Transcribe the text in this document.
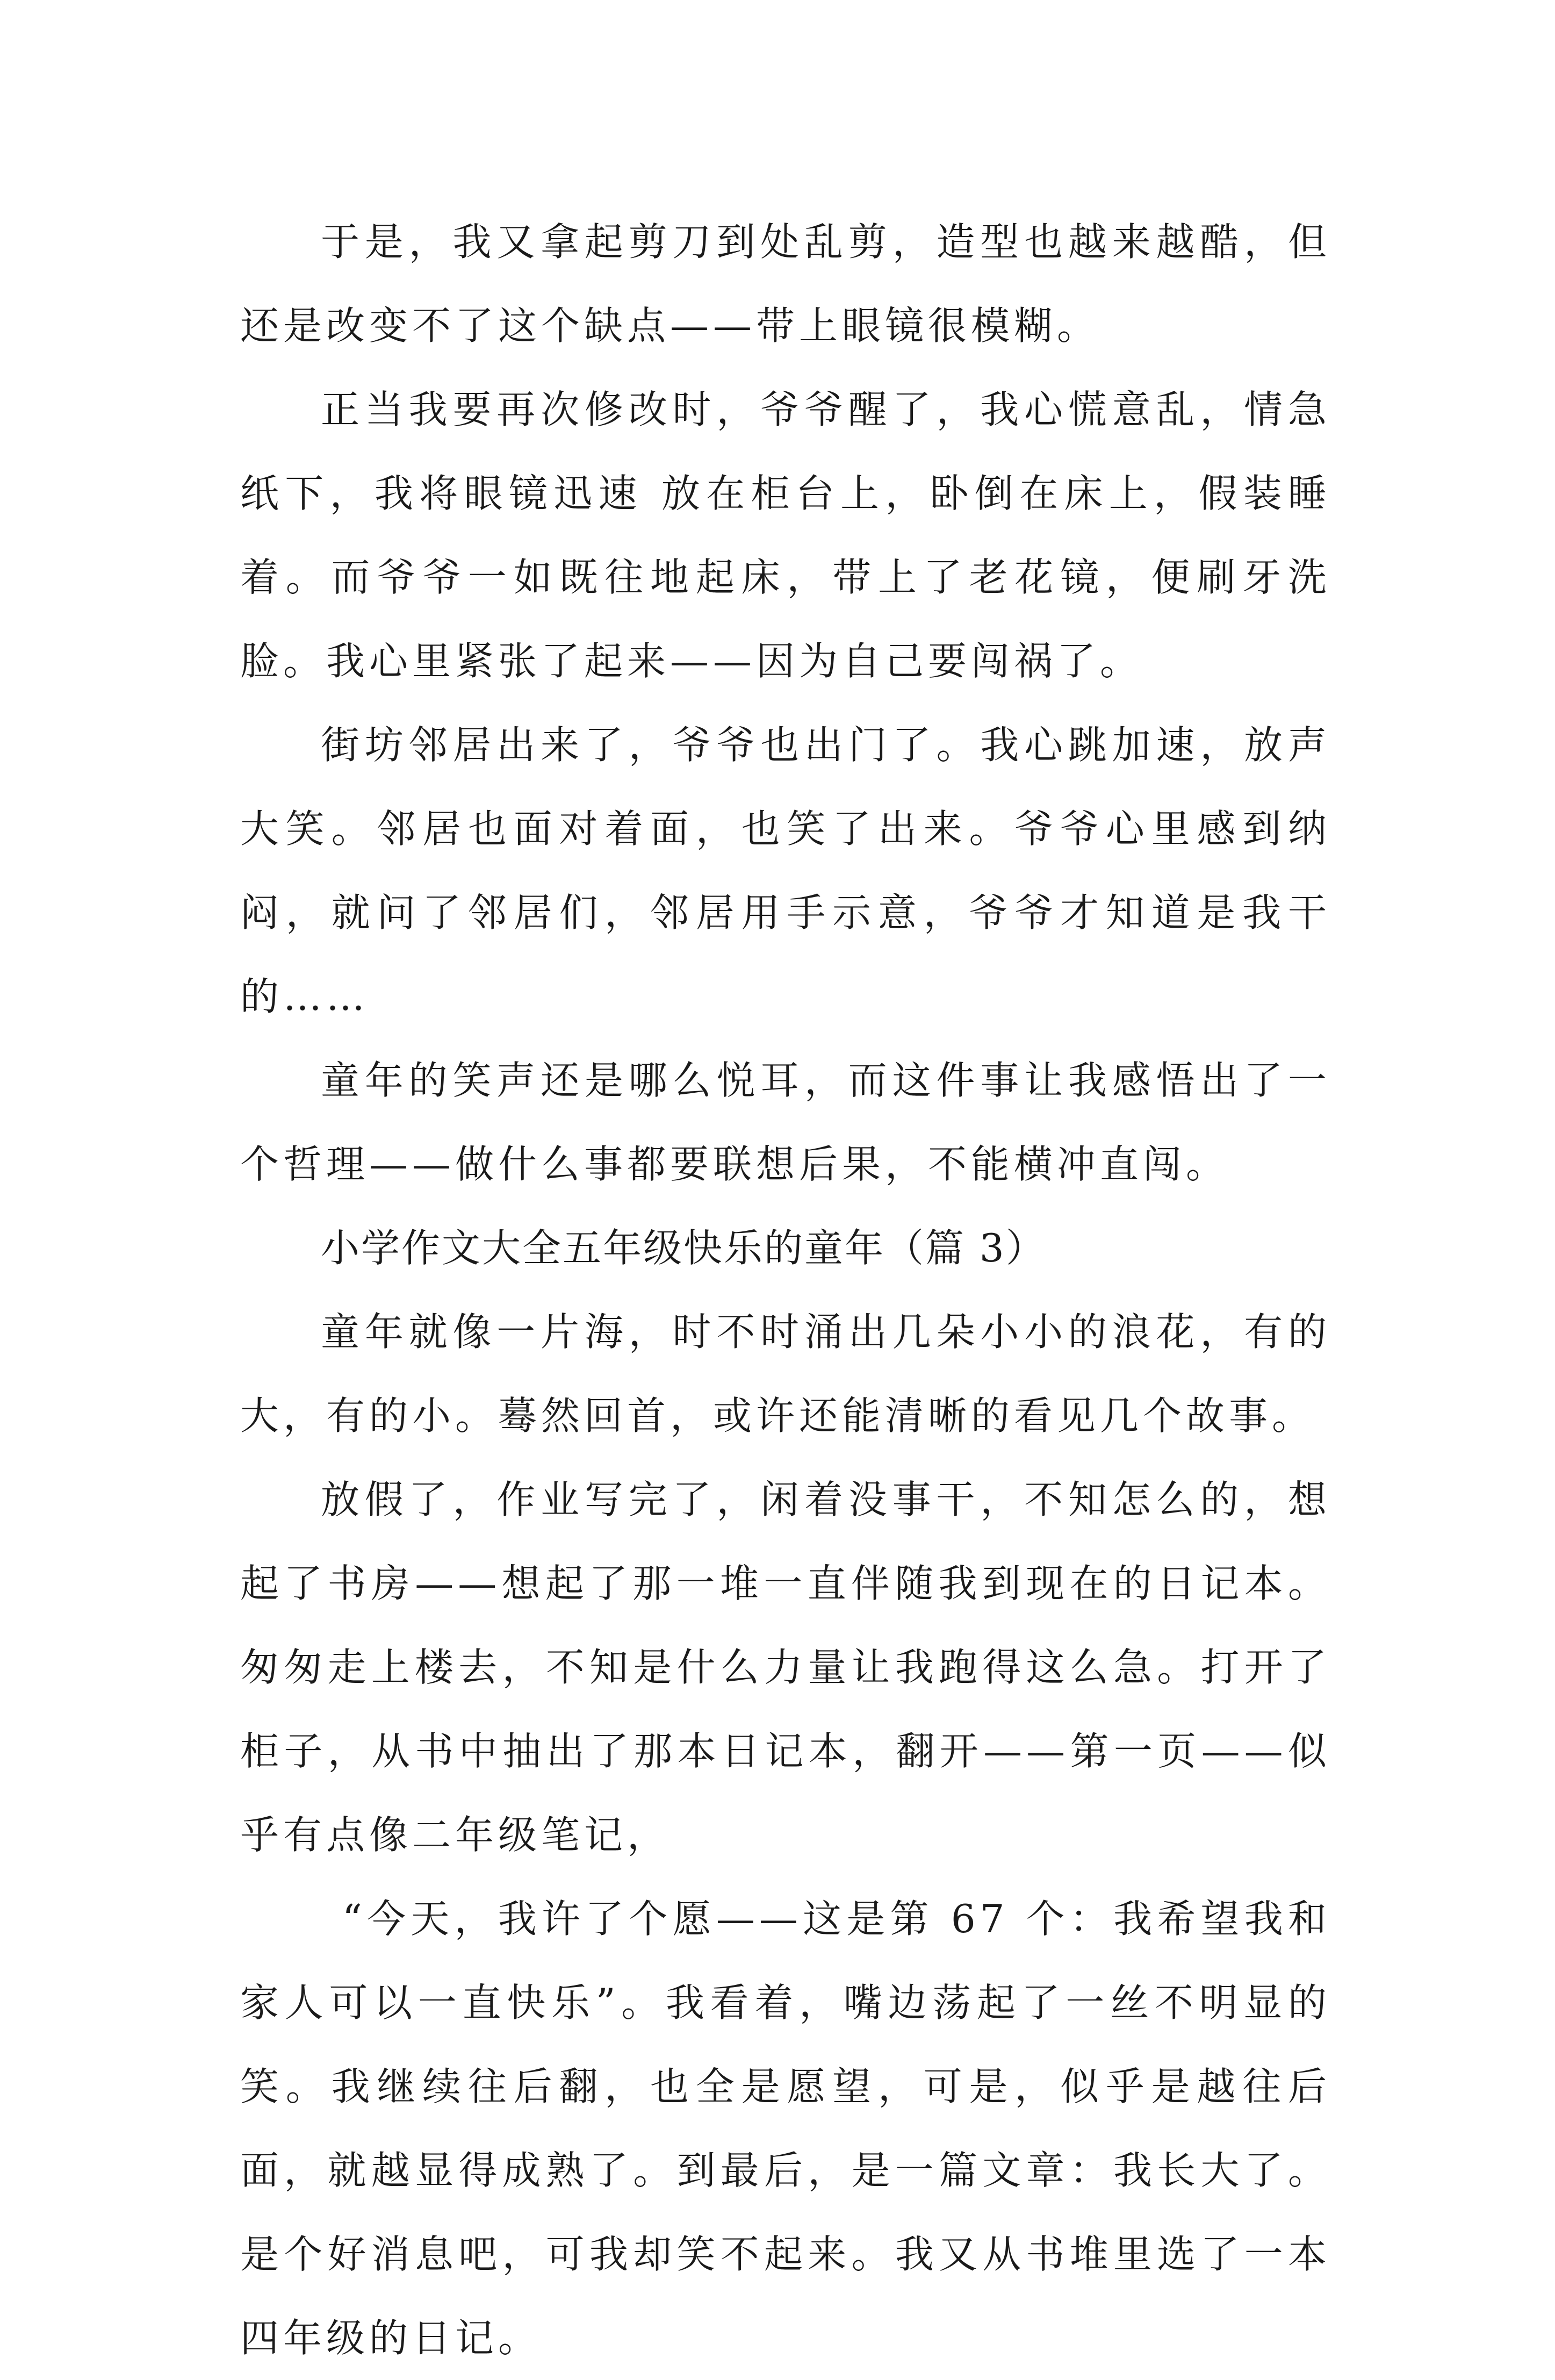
于是，我又拿起剪刀到处乱剪，造型也越来越酷，但还是改变不了这个缺点——带上眼镜很模糊。

正当我要再次修改时，爷爷醒了，我心慌意乱，情急纸下，我将眼镜迅速 放在柜台上，卧倒在床上，假装睡着。而爷爷一如既往地起床，带上了老花镜，便刷牙洗脸。我心里紧张了起来——因为自己要闯祸了。

街坊邻居出来了，爷爷也出门了。我心跳加速，放声大笑。邻居也面对着面，也笑了出来。爷爷心里感到纳闷，就问了邻居们，邻居用手示意，爷爷才知道是我干的……

童年的笑声还是哪么悦耳，而这件事让我感悟出了一个哲理——做什么事都要联想后果，不能横冲直闯。

小学作文大全五年级快乐的童年（篇 3）

童年就像一片海，时不时涌出几朵小小的浪花，有的大，有的小。蓦然回首，或许还能清晰的看见几个故事。

放假了，作业写完了，闲着没事干，不知怎么的，想起了书房——想起了那一堆一直伴随我到现在的日记本。匆匆走上楼去，不知是什么力量让我跑得这么急。打开了柜子，从书中抽出了那本日记本，翻开——第一页——似乎有点像二年级笔记，

“今天，我许了个愿——这是第 67 个：我希望我和家人可以一直快乐”。我看着，嘴边荡起了一丝不明显的笑。我继续往后翻，也全是愿望，可是，似乎是越往后面，就越显得成熟了。到最后，是一篇文章：我长大了。是个好消息吧，可我却笑不起来。我又从书堆里选了一本四年级的日记。
